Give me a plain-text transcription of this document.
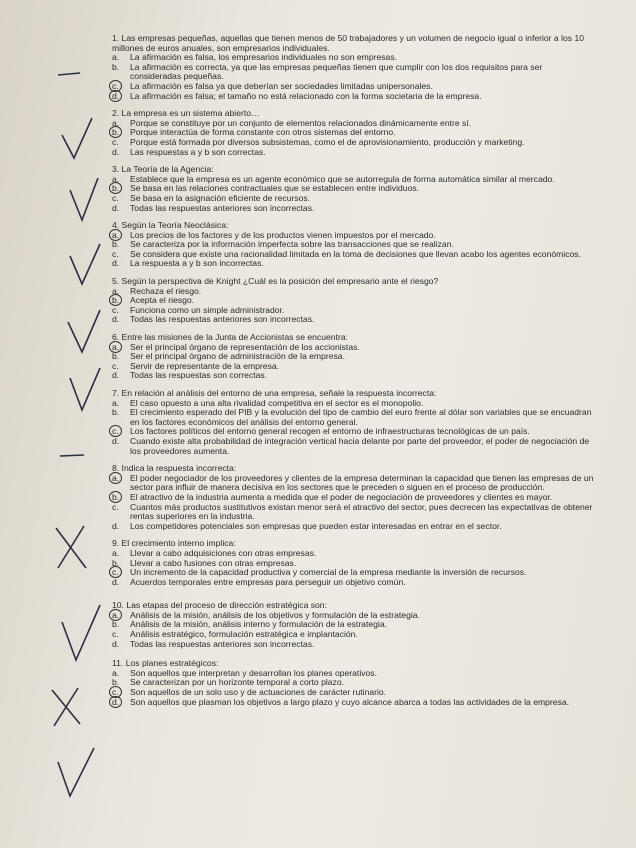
1. Las empresas pequeñas, aquellas que tienen menos de 50 trabajadores y un volumen de negocio igual o inferior a los 10 millones de euros anuales, son empresarios individuales.

a.	La afirmación es falsa, los empresarios individuales no son empresas.
b.	La afirmación es correcta, ya que las empresas pequeñas tienen que cumplir con los dos requisitos para ser consideradas pequeñas.
c.	La afirmación es falsa ya que deberían ser sociedades limitadas unipersonales.
d.	La afirmación es falsa; el tamaño no está relacionado con la forma societaria de la empresa.

2. La empresa es un sistema abierto…

a.	Porque se constituye por un conjunto de elementos relacionados dinámicamente entre sí.
b.	Porque interactúa de forma constante con otros sistemas del entorno.
c.	Porque está formada por diversos subsistemas, como el de aprovisionamiento, producción y marketing.
d.	Las respuestas a y b son correctas.

3. La Teoría de la Agencia:

a.	Establece que la empresa es un agente económico que se autorregula de forma automática similar al mercado.
b.	Se basa en las relaciones contractuales que se establecen entre individuos.
c.	Se basa en la asignación eficiente de recursos.
d.	Todas las respuestas anteriores son incorrectas.

4. Según la Teoría Neoclásica:

a.	Los precios de los factores y de los productos vienen impuestos por el mercado.
b.	Se caracteriza por la información imperfecta sobre las transacciones que se realizan.
c.	Se considera que existe una racionalidad limitada en la toma de decisiones que llevan acabo los agentes económicos.
d.	La respuesta a y b son incorrectas.

5. Según la perspectiva de Knight ¿Cuál es la posición del empresario ante el riesgo?

a.	Rechaza el riesgo.
b.	Acepta el riesgo.
c.	Funciona como un simple administrador.
d.	Todas las respuestas anteriores son incorrectas.

6. Entre las misiones de la Junta de Accionistas se encuentra:

a.	Ser el principal órgano de representación de los accionistas.
b.	Ser el principal órgano de administración de la empresa.
c.	Servir de representante de la empresa.
d.	Todas las respuestas son correctas.

7. En relación al análisis del entorno de una empresa, señale la respuesta incorrecta:

a.	El caso opuesto a una alta rivalidad competitiva en el sector es el monopolio.
b.	El crecimiento esperado del PIB y la evolución del tipo de cambio del euro frente al dólar son variables que se encuadran en los factores económicos del análisis del entorno general.
c.	Los factores políticos del entorno general recogen el entorno de infraestructuras tecnológicas de un país.
d.	Cuando existe alta probabilidad de integración vertical hacia delante por parte del proveedor, el poder de negociación de los proveedores aumenta.

8. Indica la respuesta incorrecta:

a.	El poder negociador de los proveedores y clientes de la empresa determinan la capacidad que tienen las empresas de un sector para influir de manera decisiva en los sectores que le preceden o siguen en el proceso de producción.
b.	El atractivo de la industria aumenta a medida que el poder de negociación de proveedores y clientes es mayor.
c.	Cuantos más productos sustitutivos existan menor será el atractivo del sector, pues decrecen las expectativas de obtener rentas superiores en la industria.
d.	Los competidores potenciales son empresas que pueden estar interesadas en entrar en el sector.

9. El crecimiento interno implica:

a.	Llevar a cabo adquisiciones con otras empresas.
b.	Llevar a cabo fusiones con otras empresas.
c.	Un incremento de la capacidad productiva y comercial de la empresa mediante la inversión de recursos.
d.	Acuerdos temporales entre empresas para perseguir un objetivo común.

10. Las etapas del proceso de dirección estratégica son:

a.	Análisis de la misión, análisis de los objetivos y formulación de la estrategia.
b.	Análisis de la misión, análisis interno y formulación de la estrategia.
c.	Análisis estratégico, formulación estratégica e implantación.
d.	Todas las respuestas anteriores son incorrectas.

11. Los planes estratégicos:

a.	Son aquellos que interpretan y desarrollan los planes operativos.
b.	Se caracterizan por un horizonte temporal a corto plazo.
c.	Son aquellos de un solo uso y de actuaciones de carácter rutinario.
d.	Son aquellos que plasman los objetivos a largo plazo y cuyo alcance abarca a todas las actividades de la empresa.
